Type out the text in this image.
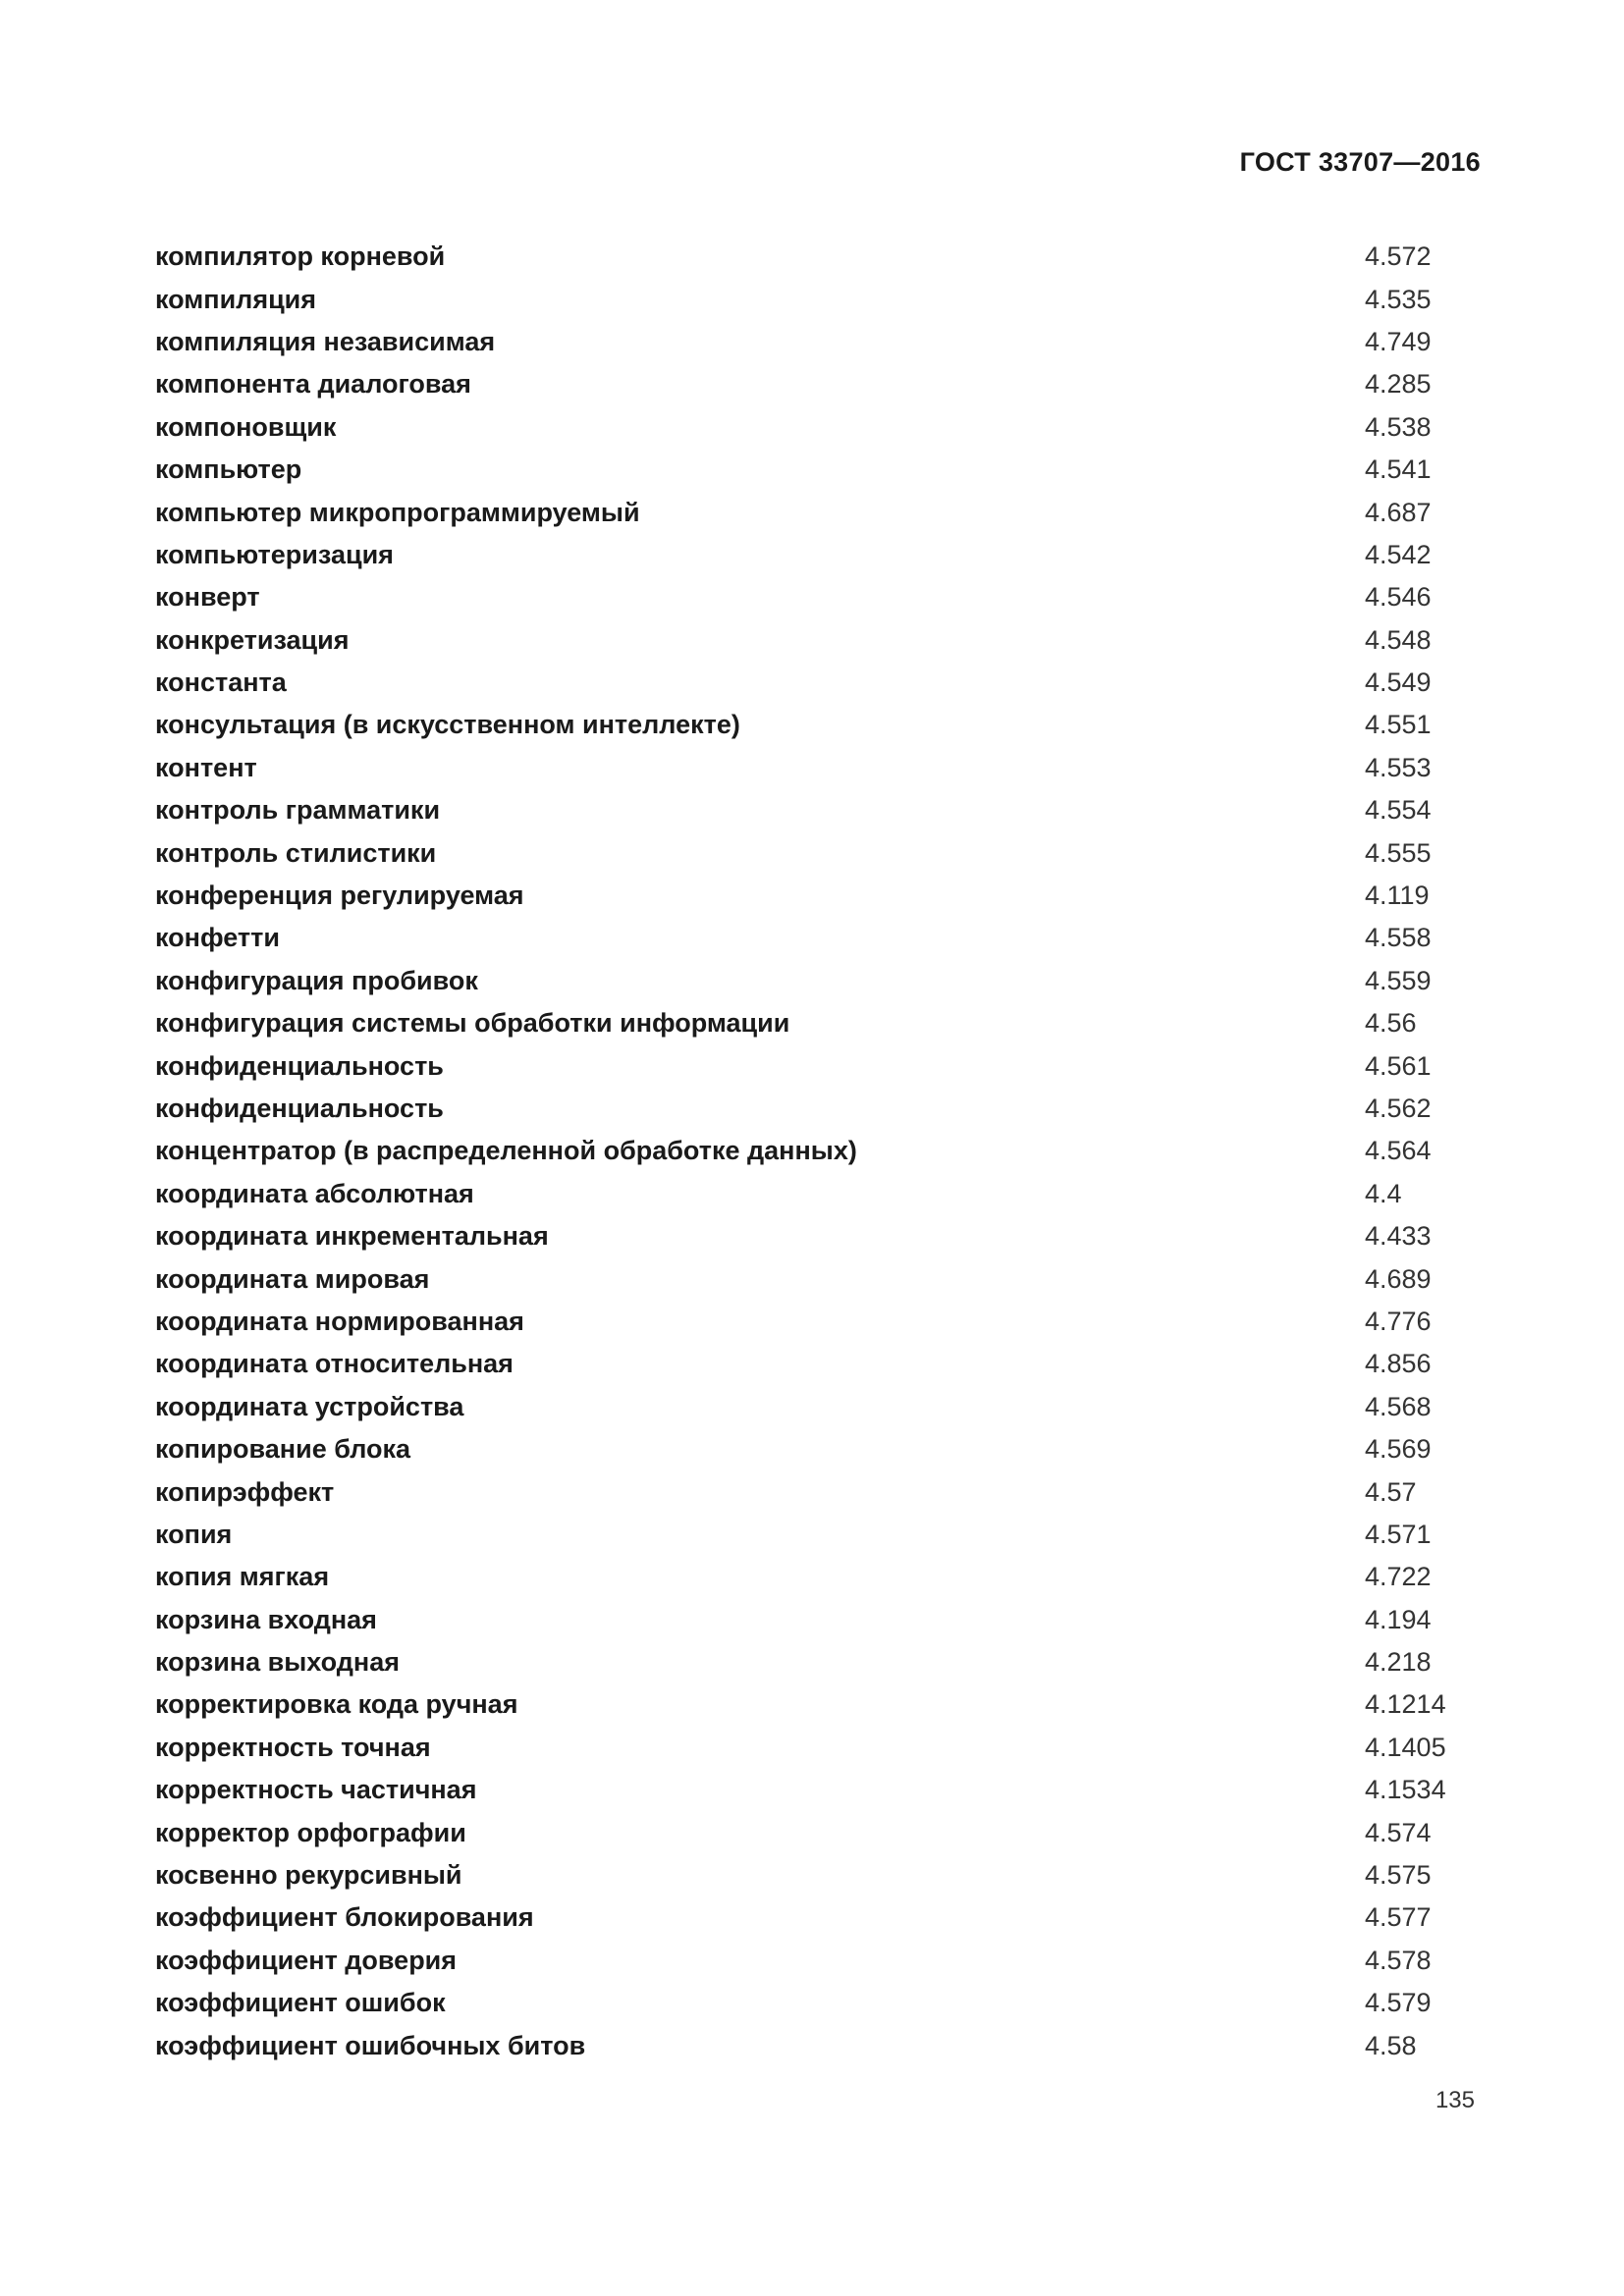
ГОСТ 33707—2016
компилятор корневой	4.572
компиляция	4.535
компиляция независимая	4.749
компонента диалоговая	4.285
компоновщик	4.538
компьютер	4.541
компьютер микропрограммируемый	4.687
компьютеризация	4.542
конверт	4.546
конкретизация	4.548
константа	4.549
консультация (в искусственном интеллекте)	4.551
контент	4.553
контроль грамматики	4.554
контроль стилистики	4.555
конференция регулируемая	4.119
конфетти	4.558
конфигурация пробивок	4.559
конфигурация системы обработки информации	4.56
конфиденциальность	4.561
конфиденциальность	4.562
концентратор (в распределенной обработке данных)	4.564
координата абсолютная	4.4
координата инкрементальная	4.433
координата мировая	4.689
координата нормированная	4.776
координата относительная	4.856
координата устройства	4.568
копирование блока	4.569
копирэффект	4.57
копия	4.571
копия мягкая	4.722
корзина входная	4.194
корзина выходная	4.218
корректировка кода ручная	4.1214
корректность точная	4.1405
корректность частичная	4.1534
корректор орфографии	4.574
косвенно рекурсивный	4.575
коэффициент блокирования	4.577
коэффициент доверия	4.578
коэффициент ошибок	4.579
коэффициент ошибочных битов	4.58
135
